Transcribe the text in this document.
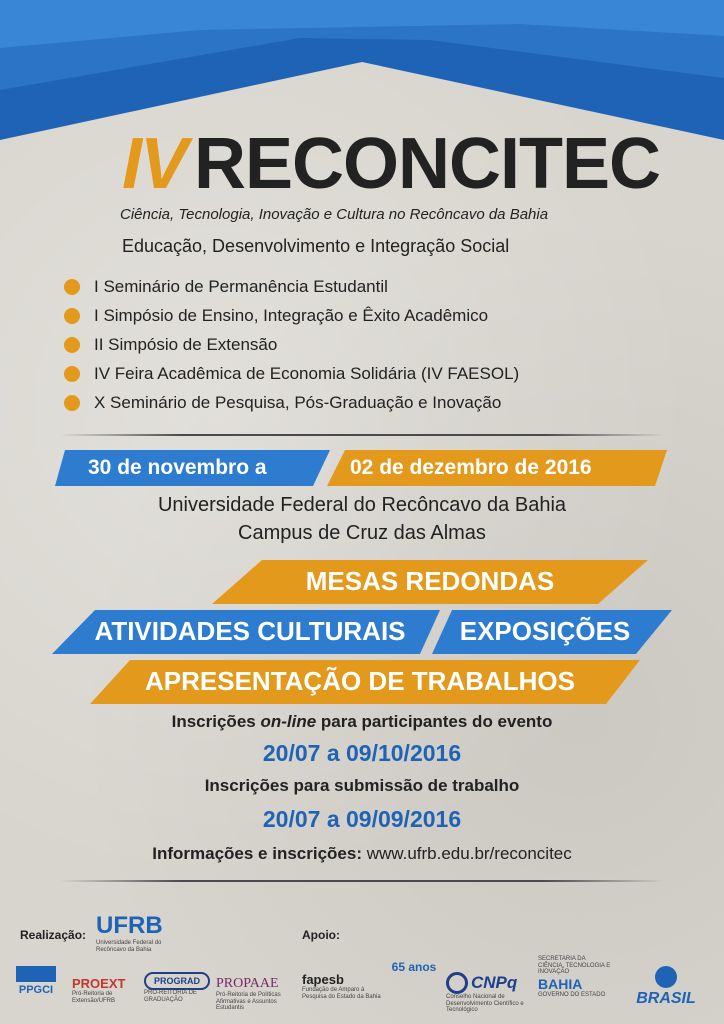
IV RECONCITEC
Ciência, Tecnologia, Inovação e Cultura no Recôncavo da Bahia
Educação, Desenvolvimento e Integração Social
I Seminário de Permanência Estudantil
I Simpósio de Ensino, Integração e Êxito Acadêmico
II Simpósio de Extensão
IV Feira Acadêmica de Economia Solidária (IV FAESOL)
X Seminário de Pesquisa, Pós-Graduação e Inovação
30 de novembro a	02 de dezembro de 2016
Universidade Federal do Recôncavo da Bahia
Campus de Cruz das Almas
MESAS REDONDAS
ATIVIDADES CULTURAIS	EXPOSIÇÕES
APRESENTAÇÃO DE TRABALHOS
Inscrições on-line para participantes do evento
20/07 a 09/10/2016
Inscrições para submissão de trabalho
20/07 a 09/09/2016
Informações e inscrições: www.ufrb.edu.br/reconcitec
Realização:	Apoio:
UFRB
Universidade Federal do Recôncavo da Bahia
PPGCI	PROEXT
Pró-Reitoria de Extensão/UFRB
PROGRAD
PRÓ-REITORIA DE GRADUAÇÃO
PROPAAE
Pró-Reitoria de Políticas Afirmativas e Assuntos Estudantis
fapesb
Fundação de Amparo à Pesquisa do Estado da Bahia
65 anos
CNPq
Conselho Nacional de Desenvolvimento Científico e Tecnológico
SECRETARIA DA CIÊNCIA, TECNOLOGIA E INOVAÇÃO
BAHIA
GOVERNO DO ESTADO	BRASIL
